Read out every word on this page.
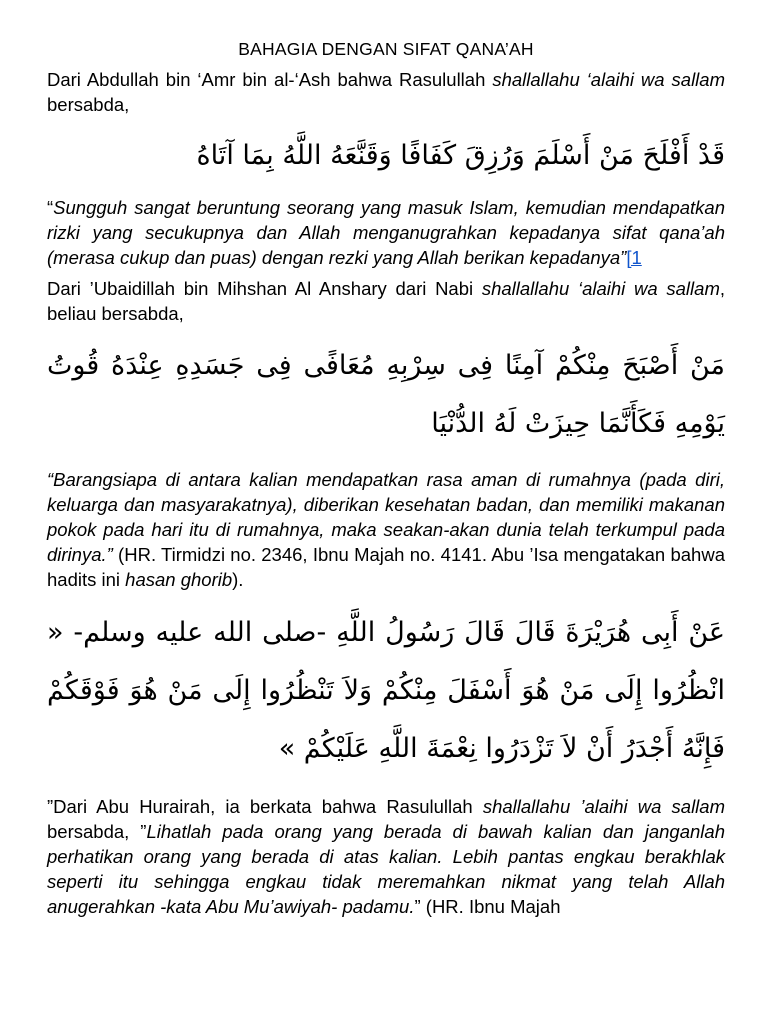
BAHAGIA DENGAN SIFAT QANA’AH

Dari Abdullah bin ‘Amr bin al-‘Ash bahwa Rasulullah shallallahu ‘alaihi wa sallam bersabda,

قَدْ أَفْلَحَ مَنْ أَسْلَمَ وَرُزِقَ كَفَافًا وَقَنَّعَهُ اللَّهُ بِمَا آتَاهُ

“Sungguh sangat beruntung seorang yang masuk Islam, kemudian mendapatkan rizki yang secukupnya dan Allah menganugrahkan kepadanya sifat qana’ah (merasa cukup dan puas) dengan rezki yang Allah berikan kepadanya”[1

Dari ’Ubaidillah bin Mihshan Al Anshary dari Nabi shallallahu ‘alaihi wa sallam, beliau bersabda,

مَنْ أَصْبَحَ مِنْكُمْ آمِنًا فِى سِرْبِهِ مُعَافًى فِى جَسَدِهِ عِنْدَهُ قُوتُ يَوْمِهِ فَكَأَنَّمَا حِيزَتْ لَهُ الدُّنْيَا

“Barangsiapa di antara kalian mendapatkan rasa aman di rumahnya (pada diri, keluarga dan masyarakatnya), diberikan kesehatan badan, dan memiliki makanan pokok pada hari itu di rumahnya, maka seakan-akan dunia telah terkumpul pada dirinya.” (HR. Tirmidzi no. 2346, Ibnu Majah no. 4141. Abu ’Isa mengatakan bahwa hadits ini hasan ghorib).

عَنْ أَبِى هُرَيْرَةَ قَالَ قَالَ رَسُولُ اللَّهِ -صلى الله عليه وسلم- « انْظُرُوا إِلَى مَنْ هُوَ أَسْفَلَ مِنْكُمْ وَلاَ تَنْظُرُوا إِلَى مَنْ هُوَ فَوْقَكُمْ فَإِنَّهُ أَجْدَرُ أَنْ لاَ تَزْدَرُوا نِعْمَةَ اللَّهِ عَلَيْكُمْ »

”Dari Abu Hurairah, ia berkata bahwa Rasulullah shallallahu ’alaihi wa sallam bersabda, ”Lihatlah pada orang yang berada di bawah kalian dan janganlah perhatikan orang yang berada di atas kalian. Lebih pantas engkau berakhlak seperti itu sehingga engkau tidak meremahkan nikmat yang telah Allah anugerahkan -kata Abu Mu’awiyah- padamu.” (HR. Ibnu Majah
